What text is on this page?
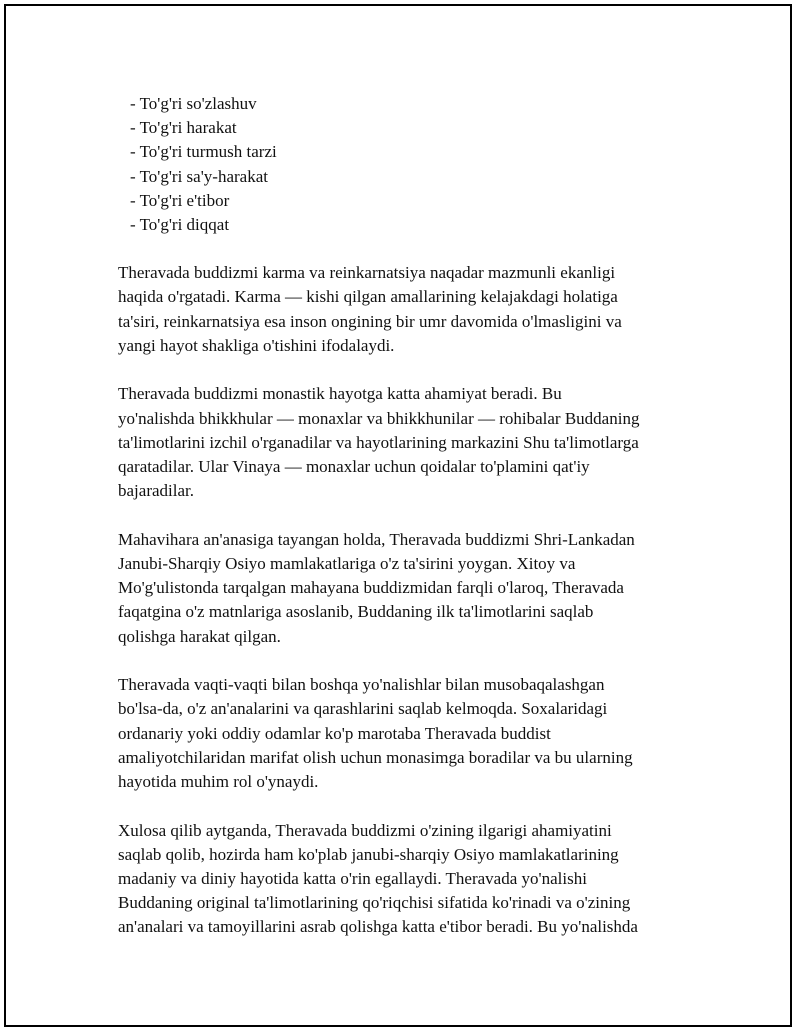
- To'g'ri so'zlashuv
- To'g'ri harakat
- To'g'ri turmush tarzi
- To'g'ri sa'y-harakat
- To'g'ri e'tibor
- To'g'ri diqqat

Theravada buddizmi karma va reinkarnatsiya naqadar mazmunli ekanligi
haqida o'rgatadi. Karma — kishi qilgan amallarining kelajakdagi holatiga
ta'siri, reinkarnatsiya esa inson ongining bir umr davomida o'lmasligini va
yangi hayot shakliga o'tishini ifodalaydi.

Theravada buddizmi monastik hayotga katta ahamiyat beradi. Bu
yo'nalishda bhikkhular — monaxlar va bhikkhunilar — rohibalar Buddaning
ta'limotlarini izchil o'rganadilar va hayotlarining markazini Shu ta'limotlarga
qaratadilar. Ular Vinaya — monaxlar uchun qoidalar to'plamini qat'iy
bajaradilar.

Mahavihara an'anasiga tayangan holda, Theravada buddizmi Shri-Lankadan
Janubi-Sharqiy Osiyo mamlakatlariga o'z ta'sirini yoygan. Xitoy va
Mo'g'ulistonda tarqalgan mahayana buddizmidan farqli o'laroq, Theravada
faqatgina o'z matnlariga asoslanib, Buddaning ilk ta'limotlarini saqlab
qolishga harakat qilgan.

Theravada vaqti-vaqti bilan boshqa yo'nalishlar bilan musobaqalashgan
bo'lsa-da, o'z an'analarini va qarashlarini saqlab kelmoqda. Soxalaridagi
ordanariy yoki oddiy odamlar ko'p marotaba Theravada buddist
amaliyotchilaridan marifat olish uchun monasimga boradilar va bu ularning
hayotida muhim rol o'ynaydi.

Xulosa qilib aytganda, Theravada buddizmi o'zining ilgarigi ahamiyatini
saqlab qolib, hozirda ham ko'plab janubi-sharqiy Osiyo mamlakatlarining
madaniy va diniy hayotida katta o'rin egallaydi. Theravada yo'nalishi
Buddaning original ta'limotlarining qo'riqchisi sifatida ko'rinadi va o'zining
an'analari va tamoyillarini asrab qolishga katta e'tibor beradi. Bu yo'nalishda
